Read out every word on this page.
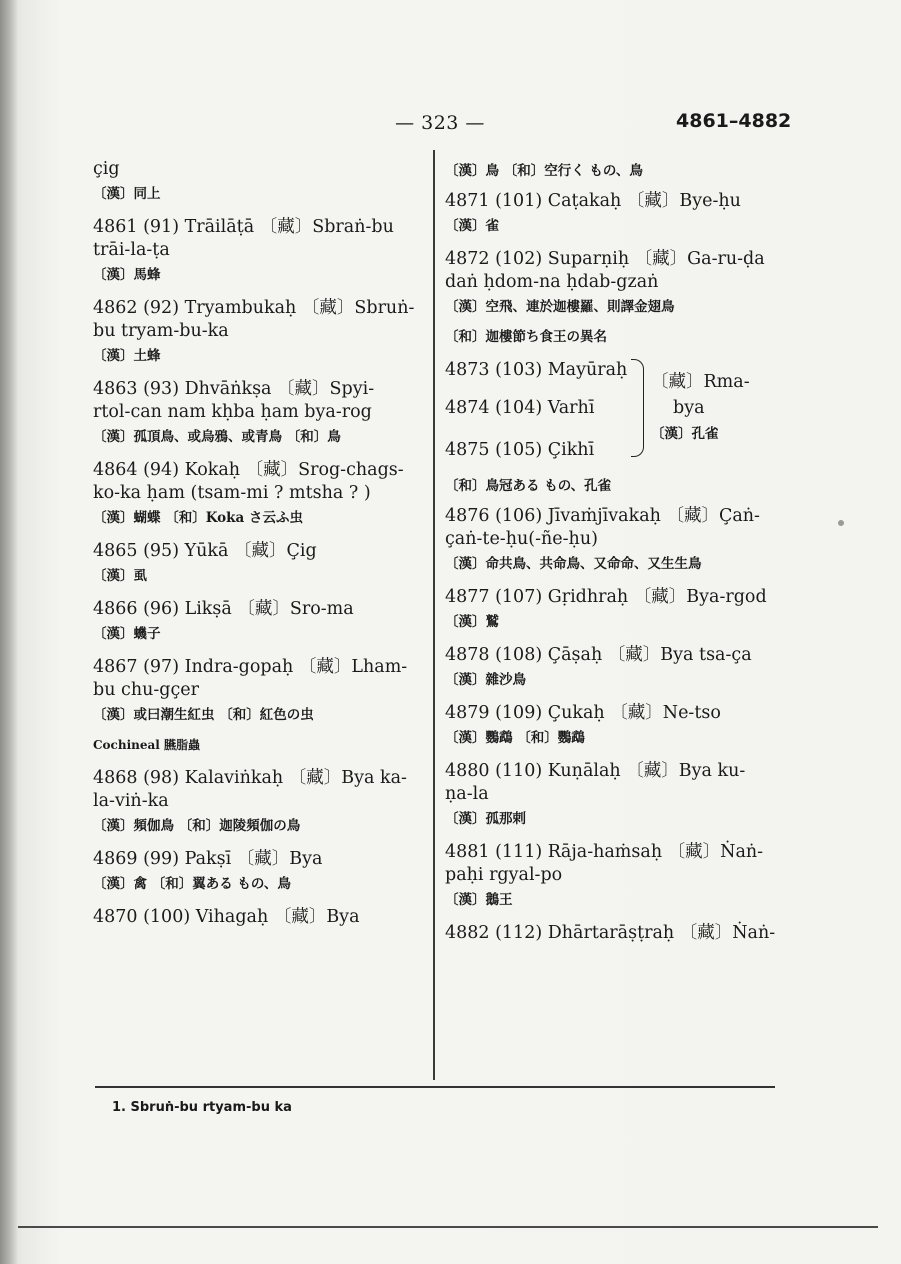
— 323 —	4861–4882
çig
〔漢〕同上
4861 (91) Trāilāṭā 〔藏〕Sbraṅ-bu
trāi-la-ṭa
〔漢〕馬蜂
4862 (92) Tryambukaḥ 〔藏〕Sbruṅ-
bu tryam-bu-ka
〔漢〕土蜂
4863 (93) Dhvāṅkṣa 〔藏〕Spyi-
rtol-can nam kḥba ḥam bya-rog
〔漢〕孤頂鳥、或烏鴉、或青鳥 〔和〕鳥
4864 (94) Kokaḥ 〔藏〕Srog-chags-
ko-ka ḥam (tsam-mi ? mtsha ? )
〔漢〕蝴蝶 〔和〕Koka さ云ふ虫
4865 (95) Yūkā 〔藏〕Çig
〔漢〕虱
4866 (96) Likṣā 〔藏〕Sro-ma
〔漢〕蟣子
4867 (97) Indra-gopaḥ 〔藏〕Lham-
bu chu-gçer
〔漢〕或曰潮生紅虫 〔和〕紅色の虫
Cochineal 臙脂蟲
4868 (98) Kalaviṅkaḥ 〔藏〕Bya ka-
la-viṅ-ka
〔漢〕頻伽鳥 〔和〕迦陵頻伽の鳥
4869 (99) Pakṣī 〔藏〕Bya
〔漢〕禽 〔和〕翼ある もの、鳥
4870 (100) Vihagaḥ 〔藏〕Bya
〔漢〕鳥 〔和〕空行く もの、鳥
4871 (101) Caṭakaḥ 〔藏〕Bye-ḥu
〔漢〕雀
4872 (102) Suparṇiḥ 〔藏〕Ga-ru-ḍa
daṅ ḥdom-na ḥdab-gzaṅ
〔漢〕空飛、連於迦樓羅、則譯金翅鳥
〔和〕迦樓節ち食王の異名
4873 (103) Mayūraḥ
4874 (104) Varhī
4875 (105) Çikhī
〔藏〕Rma-
bya
〔漢〕孔雀
〔和〕鳥冠ある もの、孔雀
4876 (106) Jīvaṁjīvakaḥ 〔藏〕Çaṅ-
çaṅ-te-ḥu(-ñe-ḥu)
〔漢〕命共鳥、共命鳥、又命命、又生生鳥
4877 (107) Gṛidhraḥ 〔藏〕Bya-rgod
〔漢〕鷲
4878 (108) Çāṣaḥ 〔藏〕Bya tsa-ça
〔漢〕雜沙鳥
4879 (109) Çukaḥ 〔藏〕Ne-tso
〔漢〕鸚鵡 〔和〕鸚鵡
4880 (110) Kuṇālaḥ 〔藏〕Bya ku-
ṇa-la
〔漢〕孤那剌
4881 (111) Rāja-haṁsaḥ 〔藏〕Ṅaṅ-
paḥi rgyal-po
〔漢〕鵝王
4882 (112) Dhārtarāṣṭraḥ 〔藏〕Ṅaṅ-
1. Sbruṅ-bu rtyam-bu ka
